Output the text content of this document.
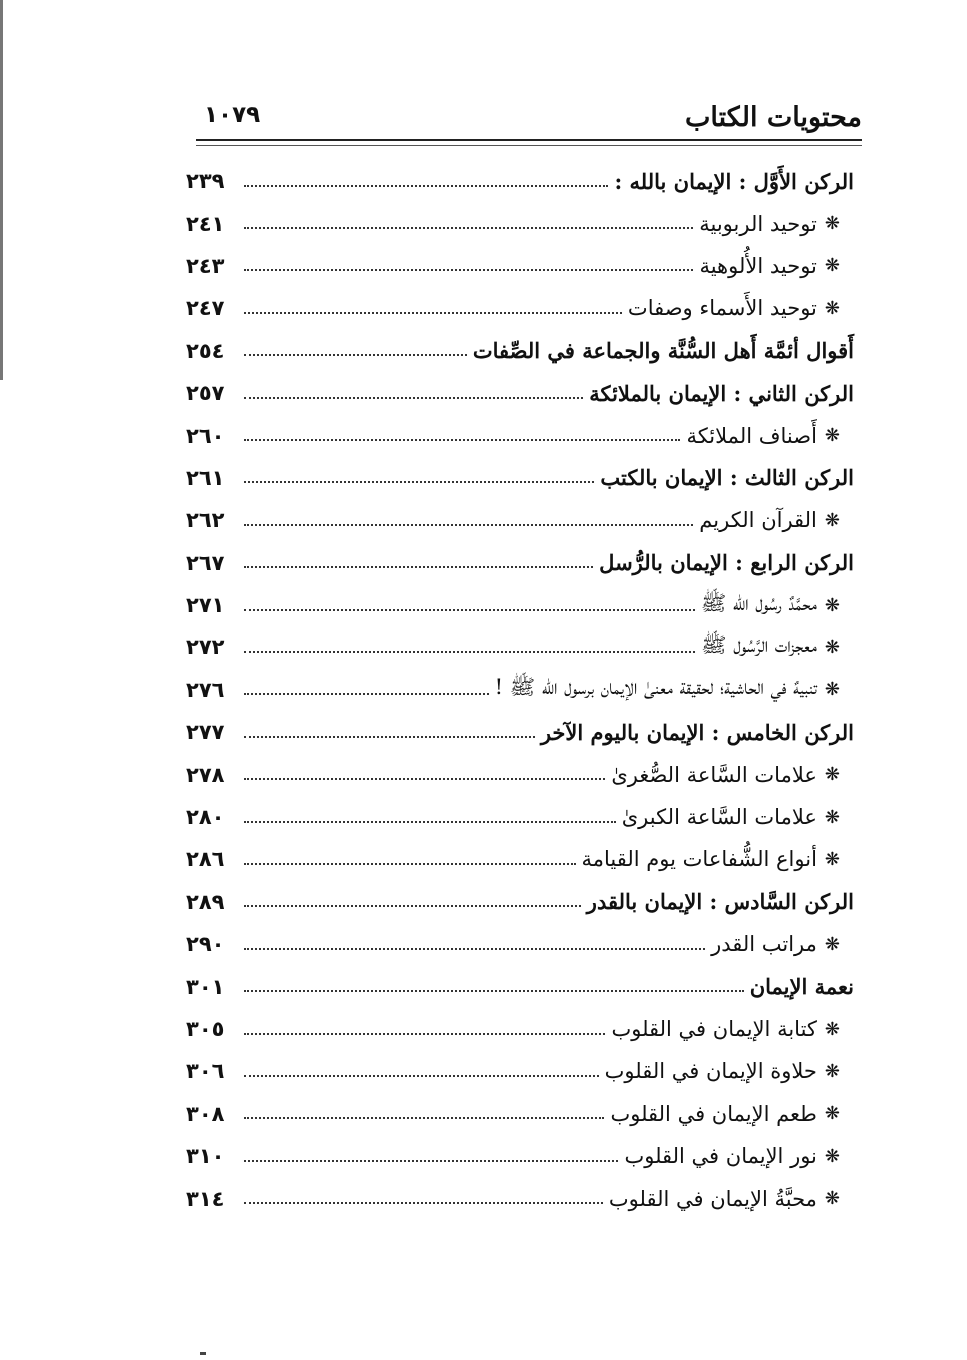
محتويات الكتاب
١٠٧٩
الركن الأَوَّل : الإيمان بالله :
٢٣٩
❋
توحيد الربوبية
٢٤١
❋
توحيد الأُلوهية
٢٤٣
❋
توحيد الأَسماء وصفات
٢٤٧
أَقوال أئمَّة أَهل السُّنَّة والجماعة في الصِّفات
٢٥٤
الركن الثاني : الإيمان بالملائكة
٢٥٧
❋
أَصناف الملائكة
٢٦٠
الركن الثالث : الإيمان بالكتب
٢٦١
❋
القرآن الكريم
٢٦٢
الركن الرابع : الإيمان بالرُّسل
٢٦٧
❋
محمَّدٌ رسُول الله ﷺ
٢٧١
❋
معجزات الرَّسُول ﷺ
٢٧٢
❋
تنبيهٌ في الحاشية؛ لحقيقة معنىٰ الإيمان برسول الله ﷺ !
٢٧٦
الركن الخامس : الإيمان باليوم الآخر
٢٧٧
❋
علامات السَّاعة الصُّغرىٰ
٢٧٨
❋
علامات السَّاعة الكبرىٰ
٢٨٠
❋
أنواع الشُّفاعات يوم القيامة
٢٨٦
الركن السَّادس : الإيمان بالقدر
٢٨٩
❋
مراتب القدر
٢٩٠
نعمة الإيمان
٣٠١
❋
كتابة الإيمان في القلوب
٣٠٥
❋
حلاوة الإيمان في القلوب
٣٠٦
❋
طعم الإيمان في القلوب
٣٠٨
❋
نور الإيمان في القلوب
٣١٠
❋
محبَّةُ الإيمان في القلوب
٣١٤
